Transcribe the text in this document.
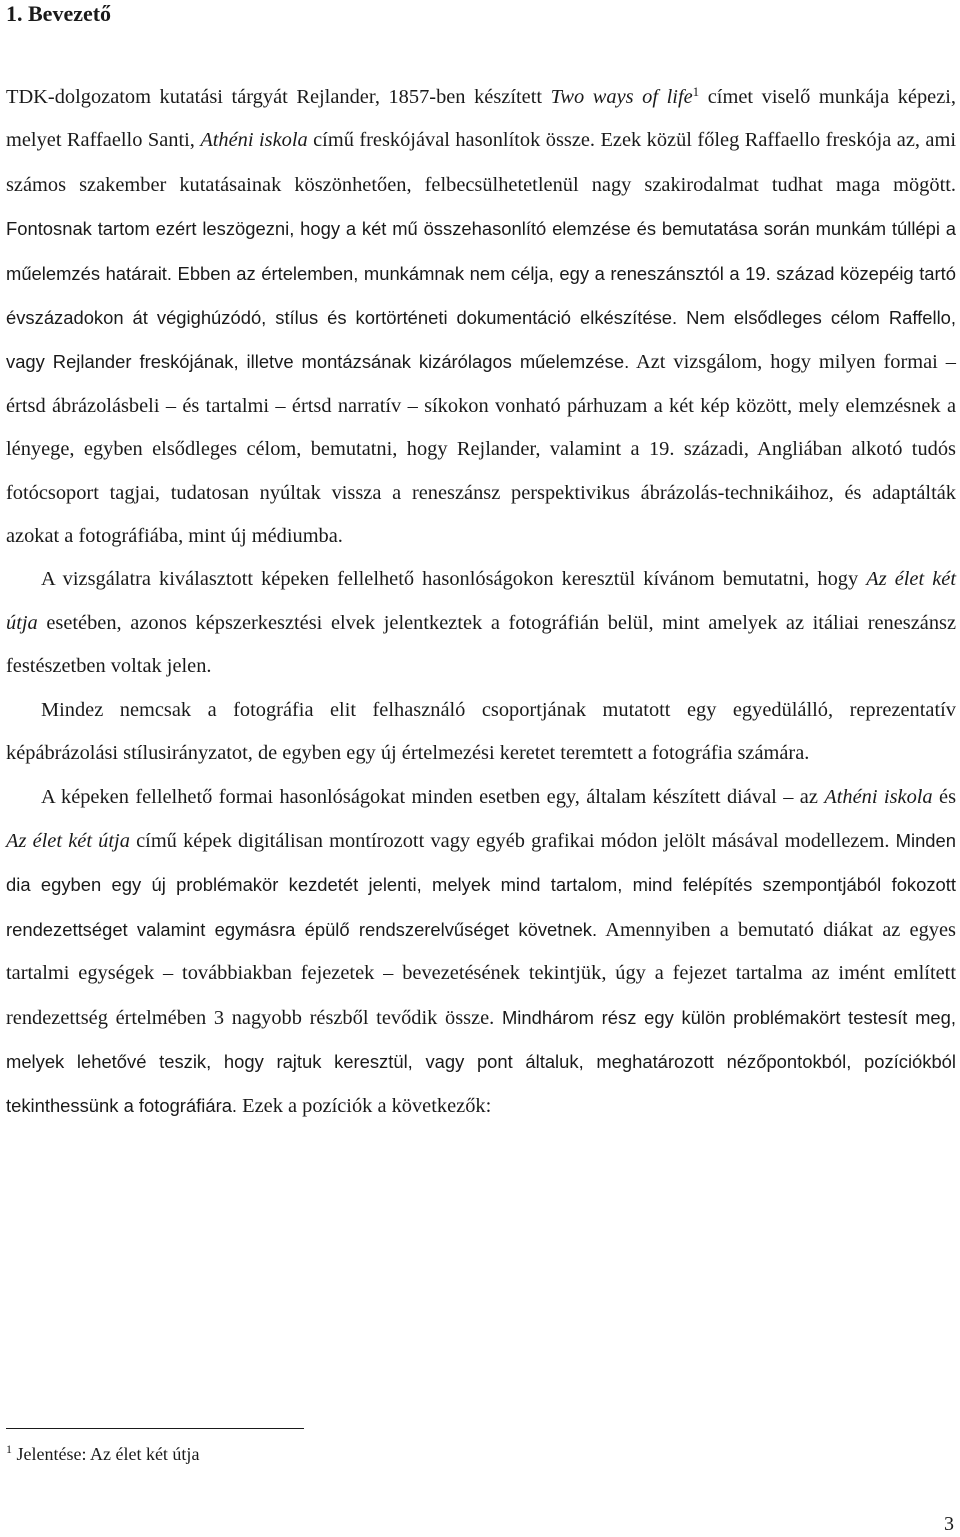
1. Bevezető

TDK-dolgozatom kutatási tárgyát Rejlander, 1857-ben készített Two ways of life$^1$ címet viselő munkája képezi, melyet Raffaello Santi, Athéni iskola című freskójával hasonlítok össze. Ezek közül főleg Raffaello freskója az, ami számos szakember kutatásainak köszönhetően, felbecsülhetetlenül nagy szakirodalmat tudhat maga mögött. Fontosnak tartom ezért leszögezni, hogy a két mű összehasonlító elemzése és bemutatása során munkám túllépi a műelemzés határait. Ebben az értelemben, munkámnak nem célja, egy a reneszánsztól a 19. század közepéig tartó évszázadokon át végighúzódó, stílus és kortörténeti dokumentáció elkészítése. Nem elsődleges célom Raffello, vagy Rejlander freskójának, illetve montázsának kizárólagos műelemzése. Azt vizsgálom, hogy milyen formai – értsd ábrázolásbeli – és tartalmi – értsd narratív – síkokon vonható párhuzam a két kép között, mely elemzésnek a lényege, egyben elsődleges célom, bemutatni, hogy Rejlander, valamint a 19. századi, Angliában alkotó tudós fotócsoport tagjai, tudatosan nyúltak vissza a reneszánsz perspektivikus ábrázolás-technikáihoz, és adaptálták azokat a fotográfiába, mint új médiumba.

A vizsgálatra kiválasztott képeken fellelhető hasonlóságokon keresztül kívánom bemutatni, hogy Az élet két útja esetében, azonos képszerkesztési elvek jelentkeztek a fotográfián belül, mint amelyek az itáliai reneszánsz festészetben voltak jelen.

Mindez nemcsak a fotográfia elit felhasználó csoportjának mutatott egy egyedülálló, reprezentatív képábrázolási stílusirányzatot, de egyben egy új értelmezési keretet teremtett a fotográfia számára.

A képeken fellelhető formai hasonlóságokat minden esetben egy, általam készített diával – az Athéni iskola és Az élet két útja című képek digitálisan montírozott vagy egyéb grafikai módon jelölt másával modellezem. Minden dia egyben egy új problémakör kezdetét jelenti, melyek mind tartalom, mind felépítés szempontjából fokozott rendezettséget valamint egymásra épülő rendszerelvűséget követnek. Amennyiben a bemutató diákat az egyes tartalmi egységek – továbbiakban fejezetek – bevezetésének tekintjük, úgy a fejezet tartalma az imént említett rendezettség értelmében 3 nagyobb részből tevődik össze. Mindhárom rész egy külön problémakört testesít meg, melyek lehetővé teszik, hogy rajtuk keresztül, vagy pont általuk, meghatározott nézőpontokból, pozíciókból tekinthessünk a fotográfiára. Ezek a pozíciók a következők:

$^1$ Jelentése: Az élet két útja
3
